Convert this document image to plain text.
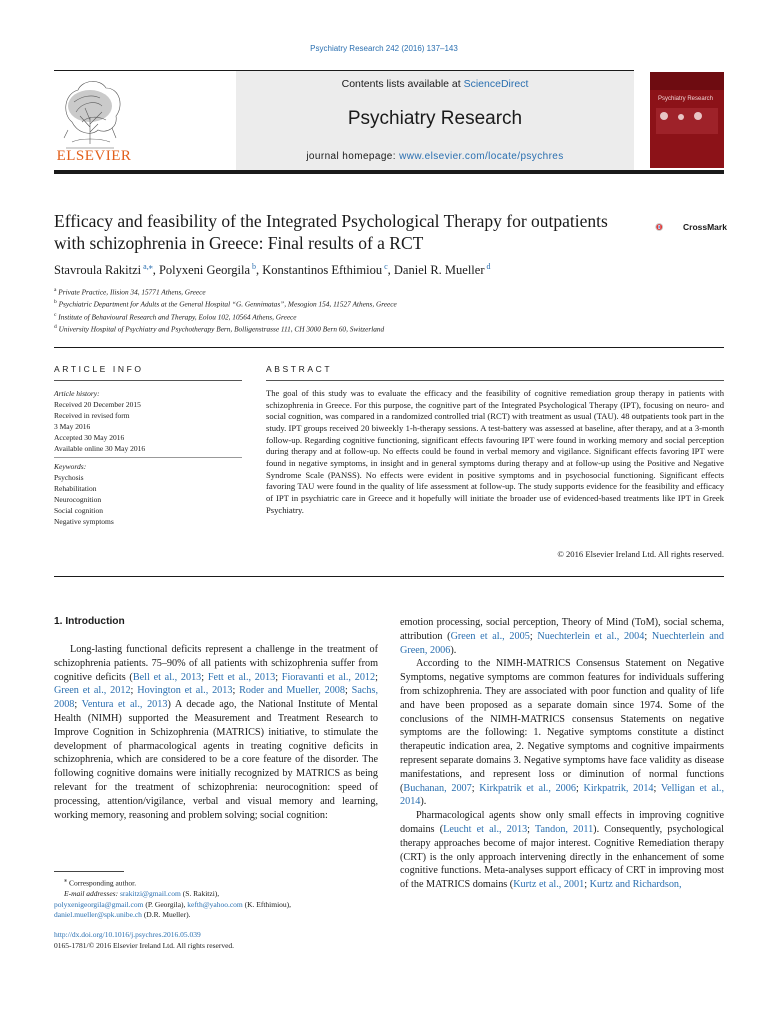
Psychiatry Research 242 (2016) 137–143
ELSEVIER
Contents lists available at ScienceDirect
Psychiatry Research
journal homepage: www.elsevier.com/locate/psychres
Psychiatry Research
Efficacy and feasibility of the Integrated Psychological Therapy for outpatients with schizophrenia in Greece: Final results of a RCT
CrossMark
Stavroula Rakitzi $^{a,⁎}$, Polyxeni Georgila $^b$, Konstantinos Efthimiou $^c$, Daniel R. Mueller $^d$
$^a$ Private Practice, Ilision 34, 15771 Athens, Greece
$^b$ Psychiatric Department for Adults at the General Hospital “G. Gennimatas”, Mesogion 154, 11527 Athens, Greece
$^c$ Institute of Behavioural Research and Therapy, Eolou 102, 10564 Athens, Greece
$^d$ University Hospital of Psychiatry and Psychotherapy Bern, Bolligenstrasse 111, CH 3000 Bern 60, Switzerland
ARTICLE INFO
Article history:
Received 20 December 2015
Received in revised form
3 May 2016
Accepted 30 May 2016
Available online 30 May 2016
Keywords:
Psychosis
Rehabilitation
Neurocognition
Social cognition
Negative symptoms
ABSTRACT
The goal of this study was to evaluate the efficacy and the feasibility of cognitive remediation group therapy in patients with schizophrenia in Greece. For this purpose, the cognitive part of the Integrated Psychological Therapy (IPT), focusing on neuro- and social cognition, was compared in a randomized controlled trial (RCT) with treatment as usual (TAU). 48 outpatients took part in the study. IPT groups received 20 biweekly 1-h-therapy sessions. A test-battery was assessed at baseline, after therapy, and at a 3-month follow-up. Regarding cognitive functioning, significant effects favouring IPT were found in working memory and social perception during therapy and at follow-up. No effects could be found in verbal memory and vigilance. Significant effects favoring IPT were found in negative symptoms, in insight and in general symptoms during therapy and at follow-up using the Positive and Negative Syndrome Scale (PANSS). No effects were evident in positive symptoms and in psychosocial functioning. Significant effects favoring TAU were found in the quality of life assessment at follow-up. The study supports evidence for the feasibility and efficacy of IPT in psychiatric care in Greece and it hopefully will initiate the broader use of evidenced-based treatments like IPT in Greek Psychiatry.
© 2016 Elsevier Ireland Ltd. All rights reserved.
1. Introduction

Long-lasting functional deficits represent a challenge in the treatment of schizophrenia patients. 75–90% of all patients with schizophrenia suffer from cognitive deficits (Bell et al., 2013; Fett et al., 2013; Fioravanti et al., 2012; Green et al., 2012; Hovington et al., 2013; Roder and Mueller, 2008; Sachs, 2008; Ventura et al., 2013) A decade ago, the National Institute of Mental Health (NIMH) supported the Measurement and Treatment Research to Improve Cognition in Schizophrenia (MATRICS) initiative, to stimulate the development of pharmacological agents in treating cognitive deficits in schizophrenia, which are considered to be a core feature of the disorder. The following cognitive domains were initially recognized by MATRICS as being relevant for the treatment of schizophrenia: neurocognition: speed of processing, attention/vigilance, verbal and visual memory and learning, working memory, reasoning and problem solving; social cognition:

emotion processing, social perception, Theory of Mind (ToM), social schema, attribution (Green et al., 2005; Nuechterlein et al., 2004; Nuechterlein and Green, 2006).

According to the NIMH-MATRICS Consensus Statement on Negative Symptoms, negative symptoms are common features for individuals suffering from schizophrenia. They are associated with poor function and quality of life and have been proposed as a separate domain since 1974. Some of the conclusions of the NIMH-MATRICS consensus Statements on negative symptoms are the following: 1. Negative symptoms constitute a distinct therapeutic indication area, 2. Negative symptoms and cognitive impairments represent separate domains 3. Negative symptoms have face validity as disease manifestations, and represent loss or diminution of normal functions (Buchanan, 2007; Kirkpatrik et al., 2006; Kirkpatrik, 2014; Velligan et al., 2014).

Pharmacological agents show only small effects in improving cognitive domains (Leucht et al., 2013; Tandon, 2011). Consequently, psychological therapy approaches become of major interest. Cognitive Remediation therapy (CRT) is the only approach intervening directly in the enhancement of some cognitive functions. Meta-analyses support efficacy of CRT in improving most of the MATRICS domains (Kurtz et al., 2001; Kurtz and Richardson,

⁎ Corresponding author.
E-mail addresses: srakitzi@gmail.com (S. Rakitzi),
polyxenigeorgila@gmail.com (P. Georgila), kefth@yahoo.com (K. Efthimiou),
daniel.mueller@spk.unibe.ch (D.R. Mueller).
http://dx.doi.org/10.1016/j.psychres.2016.05.039
0165-1781/© 2016 Elsevier Ireland Ltd. All rights reserved.
